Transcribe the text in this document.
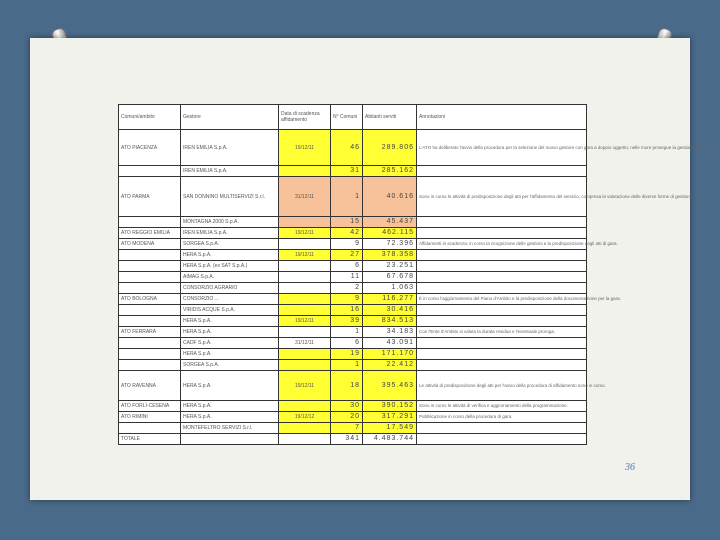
Comuni/ambito	Gestore	Data di scadenza affidamento	N° Comuni	Abitanti serviti	Annotazioni
ATO PIACENZA	IREN EMILIA S.p.A.	19/12/11	46	289.806	L'ATO ha deliberato l'avvio della procedura per la selezione del nuovo gestore con gara a doppio oggetto; nelle more prosegue la gestione attuale.
	IREN EMILIA S.p.A.		31	285.162	
ATO PARMA	SAN DONNINO MULTISERVIZI S.r.l.	31/12/11	1	40.616	Sono in corso le attività di predisposizione degli atti per l'affidamento del servizio, compresa la valutazione delle diverse forme di gestione.
	MONTAGNA 2000 S.p.A.		15	45.437	
ATO REGGIO EMILIA	IREN EMILIA S.p.A.	19/12/11	42	462.115	
ATO MODENA	SORGEA S.p.A.		9	72.396	Affidamenti in scadenza; in corso la ricognizione delle gestioni e la predisposizione degli atti di gara.
	HERA S.p.A.	19/12/11	27	378.358	
	HERA S.p.A. (ex SAT S.p.A.)		6	23.251	
	AIMAG S.p.A.		11	67.678	
	CONSORZIO AGRARIO		2	1.063	
ATO BOLOGNA	CONSORZIO ...		9	116.277	È in corso l'aggiornamento del Piano d'Ambito e la predisposizione della documentazione per la gara.
	VIRIDIS ACQUE S.p.A.		16	30.416	
	HERA S.p.A.	19/12/11	39	834.513	
ATO FERRARA	HERA S.p.A.		1	34.183	Con l'Ente d'Ambito si valuta la durata residua e l'eventuale proroga.
	CADF S.p.A.	31/12/11	6	43.091	
	HERA S.p.A.		19	171.170	
	SORGEA S.p.A.		1	22.412	
ATO RAVENNA	HERA S.p.A.	19/12/11	18	395.463	Le attività di predisposizione degli atti per l'avvio della procedura di affidamento sono in corso.
ATO FORLÌ-CESENA	HERA S.p.A.		30	390.152	Sono in corso le attività di verifica e aggiornamento della programmazione.
ATO RIMINI	HERA S.p.A.	19/12/12	20	317.291	Pubblicazione in corso della procedura di gara.
	MONTEFELTRO SERVIZI S.r.l.		7	17.549	
TOTALE			341	4.483.744	
36
